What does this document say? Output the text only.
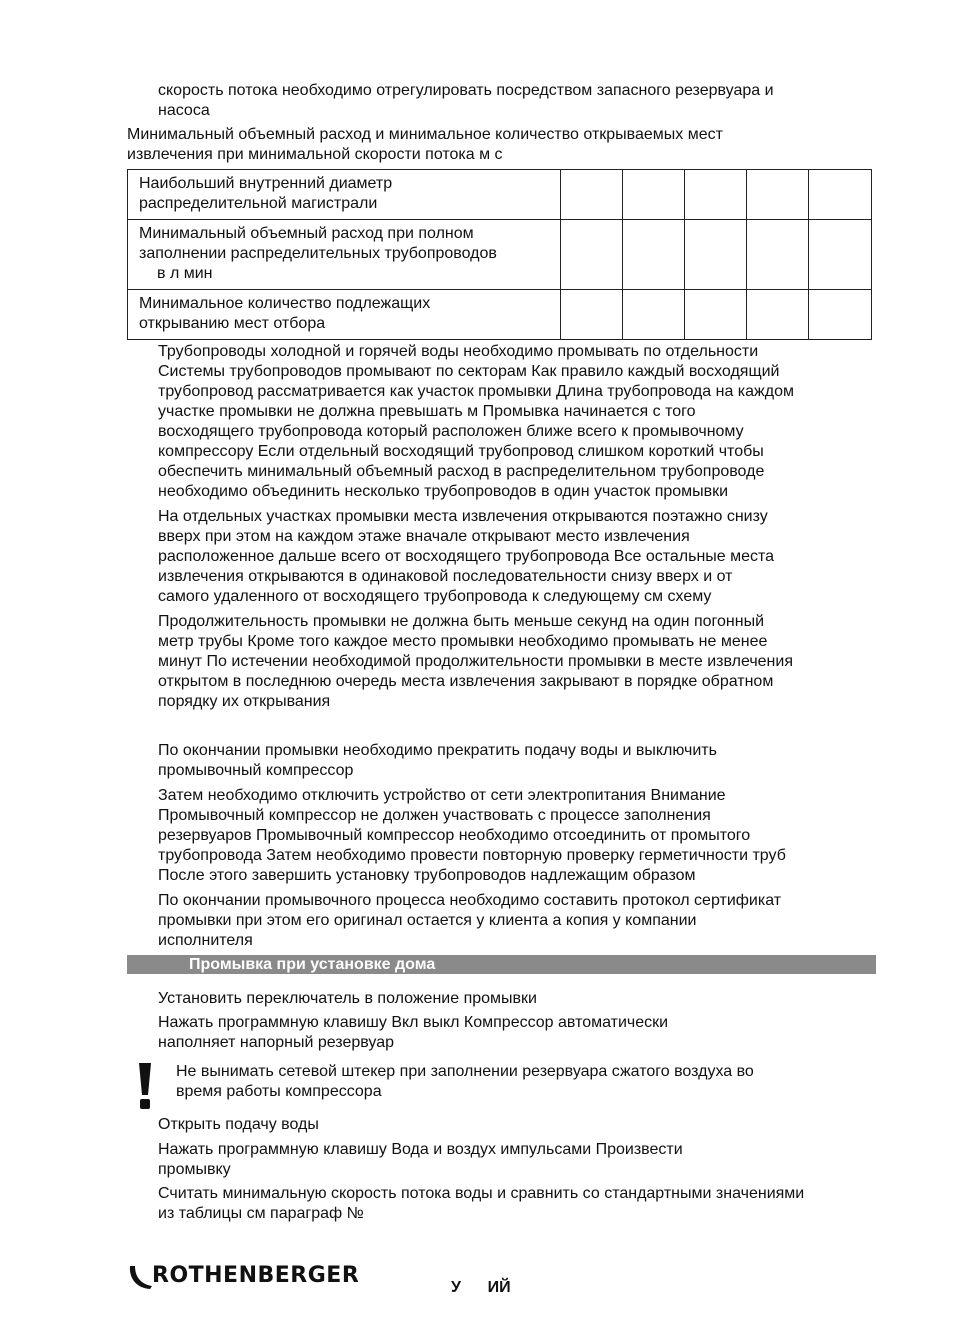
скорость потока необходимо отрегулировать посредством запасного резервуара и
насоса
Минимальный объемный расход и минимальное количество открываемых мест
извлечения при минимальной скорости потока м с
Наибольший внутренний диаметр
распределительной магистрали					

Минимальный объемный расход при полном
заполнении распределительных трубопроводов
в л мин					

Минимальное количество подлежащих
открыванию мест отбора					

Трубопроводы холодной и горячей воды необходимо промывать по отдельности
Системы трубопроводов промывают по секторам Как правило каждый восходящий
трубопровод рассматривается как участок промывки Длина трубопровода на каждом
участке промывки не должна превышать м Промывка начинается с того
восходящего трубопровода который расположен ближе всего к промывочному
компрессору Если отдельный восходящий трубопровод слишком короткий чтобы
обеспечить минимальный объемный расход в распределительном трубопроводе
необходимо объединить несколько трубопроводов в один участок промывки
На отдельных участках промывки места извлечения открываются поэтажно снизу
вверх при этом на каждом этаже вначале открывают место извлечения
расположенное дальше всего от восходящего трубопровода Все остальные места
извлечения открываются в одинаковой последовательности снизу вверх и от
самого удаленного от восходящего трубопровода к следующему см схему
Продолжительность промывки не должна быть меньше секунд на один погонный
метр трубы Кроме того каждое место промывки необходимо промывать не менее
минут По истечении необходимой продолжительности промывки в месте извлечения
открытом в последнюю очередь места извлечения закрывают в порядке обратном
порядку их открывания
По окончании промывки необходимо прекратить подачу воды и выключить
промывочный компрессор
Затем необходимо отключить устройство от сети электропитания Внимание
Промывочный компрессор не должен участвовать с процессе заполнения
резервуаров Промывочный компрессор необходимо отсоединить от промытого
трубопровода Затем необходимо провести повторную проверку герметичности труб
После этого завершить установку трубопроводов надлежащим образом
По окончании промывочного процесса необходимо составить протокол сертификат
промывки при этом его оригинал остается у клиента а копия у компании
исполнителя
Промывка при установке дома
Установить переключатель в положение промывки
Нажать программную клавишу Вкл выкл Компрессор автоматически
наполняет напорный резервуар
Не вынимать сетевой штекер при заполнении резервуара сжатого воздуха во
время работы компрессора
Открыть подачу воды
Нажать программную клавишу Вода и воздух импульсами Произвести
промывку
Считать минимальную скорость потока воды и сравнить со стандартными значениями
из таблицы см параграф №
ROTHENBERGER	У      ИЙ
